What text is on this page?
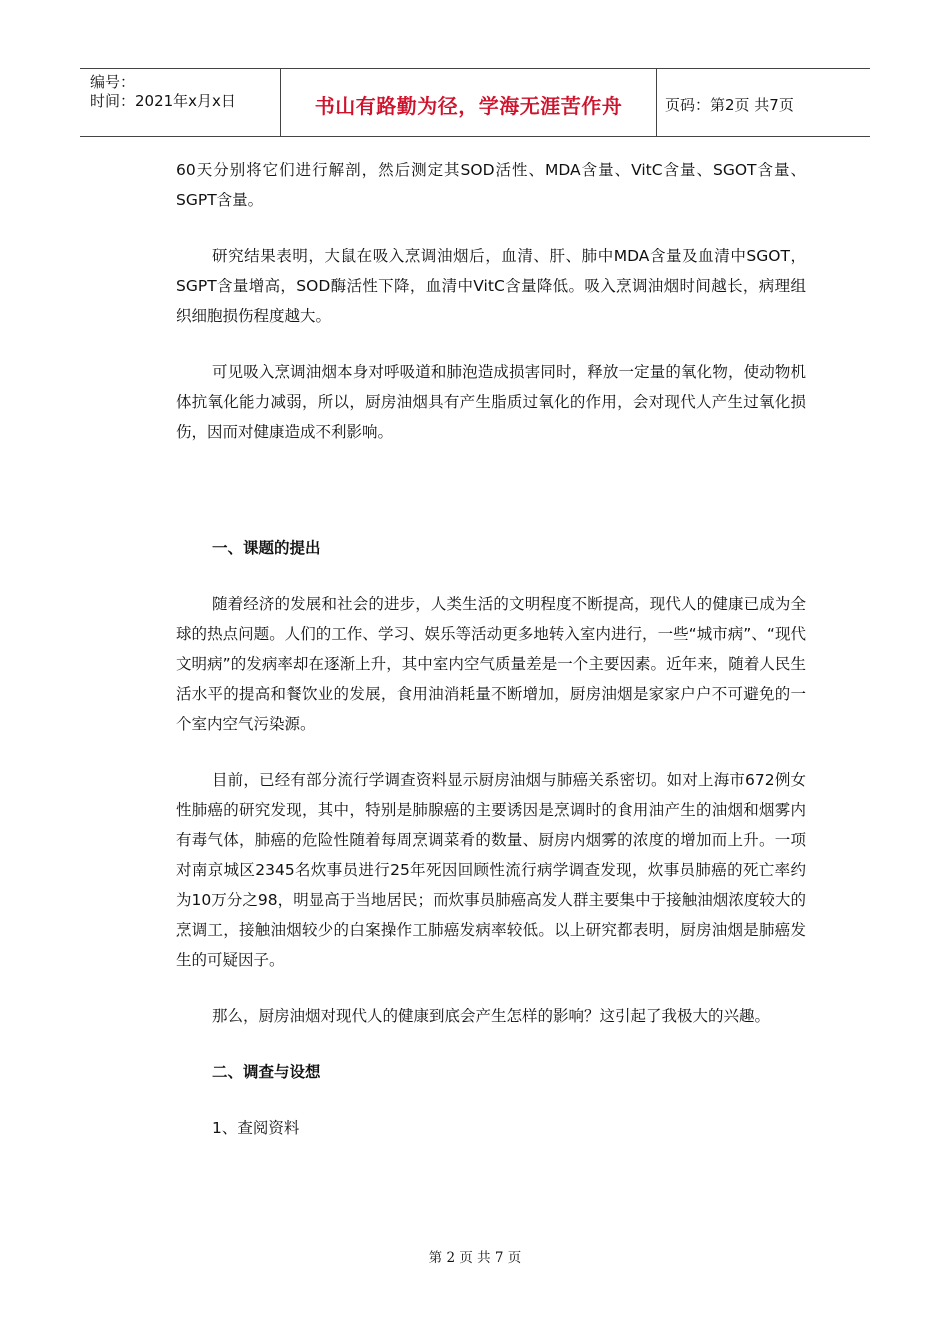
编号：
时间：2021年x月x日	书山有路勤为径，学海无涯苦作舟	页码：第2页 共7页

60天分别将它们进行解剖，然后测定其SOD活性、MDA含量、VitC含量、SGOT含量、SGPT含量。

研究结果表明，大鼠在吸入烹调油烟后，血清、肝、肺中MDA含量及血清中SGOT，SGPT含量增高，SOD酶活性下降，血清中VitC含量降低。吸入烹调油烟时间越长，病理组织细胞损伤程度越大。

可见吸入烹调油烟本身对呼吸道和肺泡造成损害同时，释放一定量的氧化物，使动物机体抗氧化能力减弱，所以，厨房油烟具有产生脂质过氧化的作用，会对现代人产生过氧化损伤，因而对健康造成不利影响。

一、课题的提出

随着经济的发展和社会的进步，人类生活的文明程度不断提高，现代人的健康已成为全球的热点问题。人们的工作、学习、娱乐等活动更多地转入室内进行，一些“城市病”、“现代文明病”的发病率却在逐渐上升，其中室内空气质量差是一个主要因素。近年来，随着人民生活水平的提高和餐饮业的发展，食用油消耗量不断增加，厨房油烟是家家户户不可避免的一个室内空气污染源。

目前，已经有部分流行学调查资料显示厨房油烟与肺癌关系密切。如对上海市672例女性肺癌的研究发现，其中，特别是肺腺癌的主要诱因是烹调时的食用油产生的油烟和烟雾内有毒气体，肺癌的危险性随着每周烹调菜肴的数量、厨房内烟雾的浓度的增加而上升。一项对南京城区2345名炊事员进行25年死因回顾性流行病学调查发现，炊事员肺癌的死亡率约为10万分之98，明显高于当地居民；而炊事员肺癌高发人群主要集中于接触油烟浓度较大的烹调工，接触油烟较少的白案操作工肺癌发病率较低。以上研究都表明，厨房油烟是肺癌发生的可疑因子。

那么，厨房油烟对现代人的健康到底会产生怎样的影响？这引起了我极大的兴趣。

二、调查与设想

1、查阅资料

第 2 页 共 7 页
